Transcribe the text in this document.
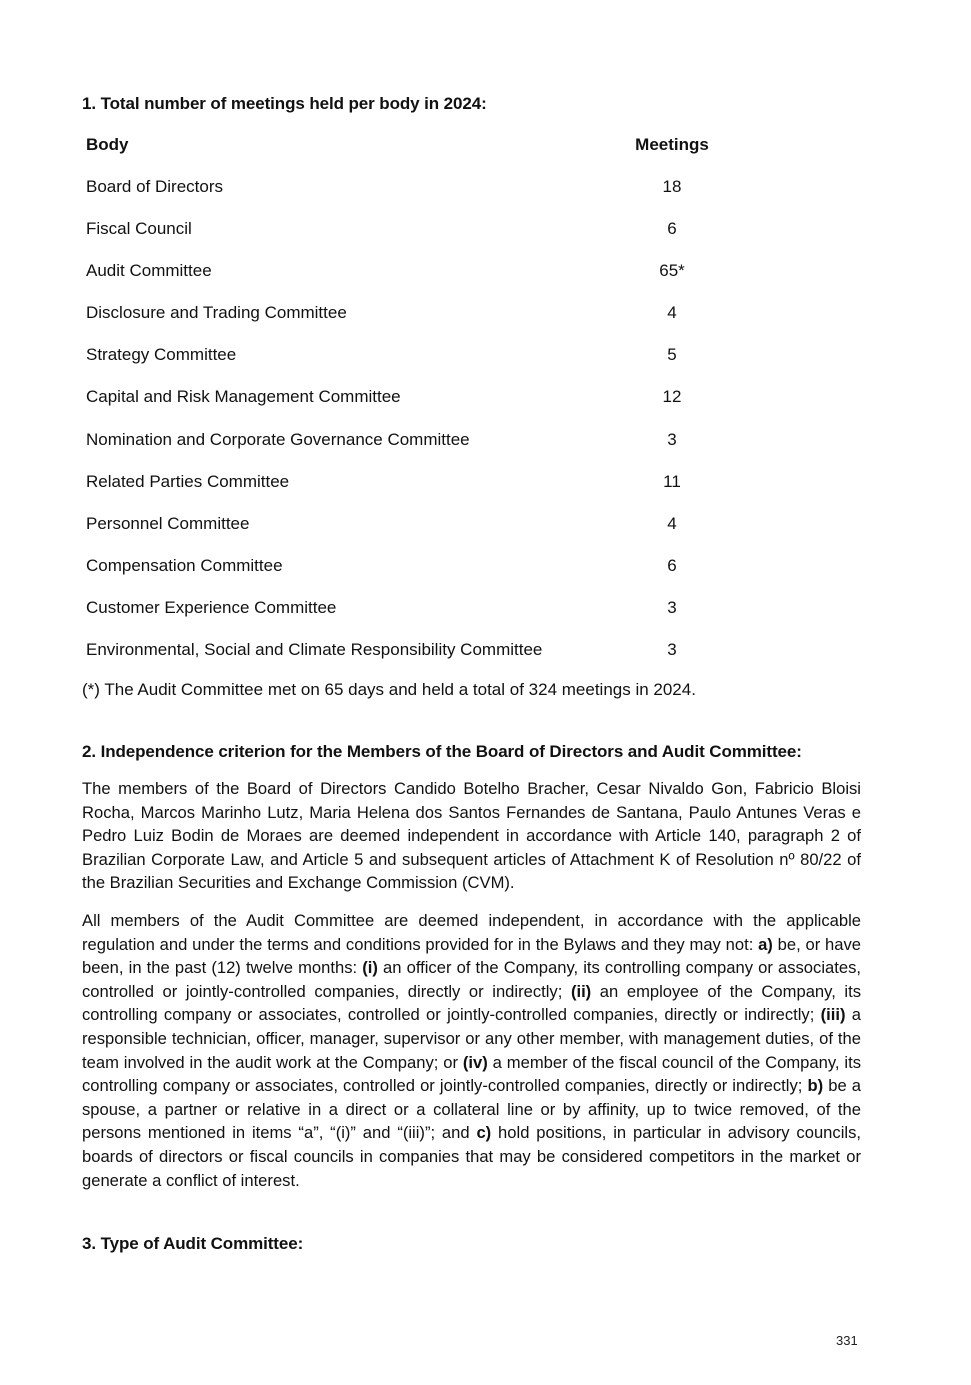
1. Total number of meetings held per body in 2024:
Body	Meetings
Board of Directors	18
Fiscal Council	6
Audit Committee	65*
Disclosure and Trading Committee	4
Strategy Committee	5
Capital and Risk Management Committee	12
Nomination and Corporate Governance Committee	3
Related Parties Committee	11
Personnel Committee	4
Compensation Committee	6
Customer Experience Committee	3
Environmental, Social and Climate Responsibility Committee	3
(*) The Audit Committee met on 65 days and held a total of 324 meetings in 2024.
2. Independence criterion for the Members of the Board of Directors and Audit Committee:

The members of the Board of Directors Candido Botelho Bracher, Cesar Nivaldo Gon, Fabricio Bloisi Rocha, Marcos Marinho Lutz, Maria Helena dos Santos Fernandes de Santana, Paulo Antunes Veras e Pedro Luiz Bodin de Moraes are deemed independent in accordance with Article 140, paragraph 2 of Brazilian Corporate Law, and Article 5 and subsequent articles of Attachment K of Resolution nº 80/22 of the Brazilian Securities and Exchange Commission (CVM).

All members of the Audit Committee are deemed independent, in accordance with the applicable regulation and under the terms and conditions provided for in the Bylaws and they may not: a) be, or have been, in the past (12) twelve months: (i) an officer of the Company, its controlling company or associates, controlled or jointly-controlled companies, directly or indirectly; (ii) an employee of the Company, its controlling company or associates, controlled or jointly-controlled companies, directly or indirectly; (iii) a responsible technician, officer, manager, supervisor or any other member, with management duties, of the team involved in the audit work at the Company; or (iv) a member of the fiscal council of the Company, its controlling company or associates, controlled or jointly-controlled companies, directly or indirectly; b) be a spouse, a partner or relative in a direct or a collateral line or by affinity, up to twice removed, of the persons mentioned in items “a”, “(i)” and “(iii)”; and c) hold positions, in particular in advisory councils, boards of directors or fiscal councils in companies that may be considered competitors in the market or generate a conflict of interest.

3. Type of Audit Committee:
331
